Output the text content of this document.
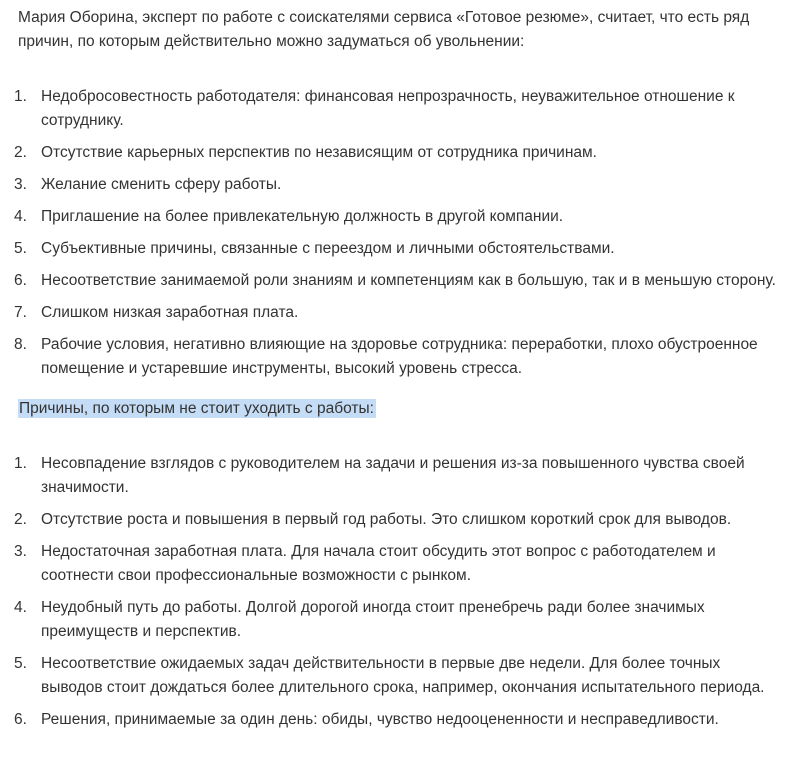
Мария Оборина, эксперт по работе с соискателями сервиса «Готовое резюме», считает, что есть ряд причин, по которым действительно можно задуматься об увольнении:

1. Недобросовестность работодателя: финансовая непрозрачность, неуважительное отношение к сотруднику.
2. Отсутствие карьерных перспектив по независящим от сотрудника причинам.
3. Желание сменить сферу работы.
4. Приглашение на более привлекательную должность в другой компании.
5. Субъективные причины, связанные с переездом и личными обстоятельствами.
6. Несоответствие занимаемой роли знаниям и компетенциям как в большую, так и в меньшую сторону.
7. Слишком низкая заработная плата.
8. Рабочие условия, негативно влияющие на здоровье сотрудника: переработки, плохо обустроенное помещение и устаревшие инструменты, высокий уровень стресса.
Причины, по которым не стоит уходить с работы:
1. Несовпадение взглядов с руководителем на задачи и решения из-за повышенного чувства своей значимости.
2. Отсутствие роста и повышения в первый год работы. Это слишком короткий срок для выводов.
3. Недостаточная заработная плата. Для начала стоит обсудить этот вопрос с работодателем и соотнести свои профессиональные возможности с рынком.
4. Неудобный путь до работы. Долгой дорогой иногда стоит пренебречь ради более значимых преимуществ и перспектив.
5. Несоответствие ожидаемых задач действительности в первые две недели. Для более точных выводов стоит дождаться более длительного срока, например, окончания испытательного периода.
6. Решения, принимаемые за один день: обиды, чувство недооцененности и несправедливости.
